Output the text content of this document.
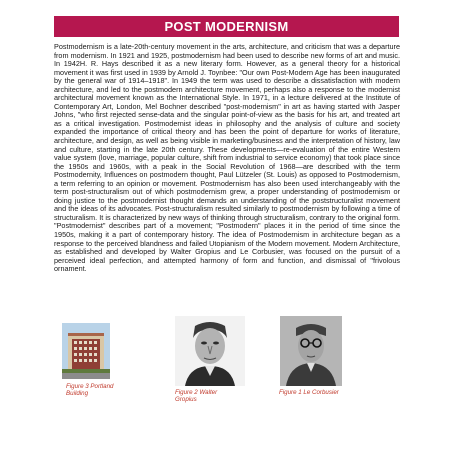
POST MODERNISM

Postmodernism is a late-20th-century movement in the arts, architecture, and criticism that was a departure from modernism. In 1921 and 1925, postmodernism had been used to describe new forms of art and music. In 1942H. R. Hays described it as a new literary form. However, as a general theory for a historical movement it was first used in 1939 by Arnold J. Toynbee: "Our own Post-Modern Age has been inaugurated by the general war of 1914–1918". In 1949 the term was used to describe a dissatisfaction with modern architecture, and led to the postmodern architecture movement, perhaps also a response to the modernist architectural movement known as the International Style. In 1971, in a lecture delivered at the Institute of Contemporary Art, London, Mel Bochner described "post-modernism" in art as having started with Jasper Johns, "who first rejected sense-data and the singular point-of-view as the basis for his art, and treated art as a critical investigation. Postmodernist ideas in philosophy and the analysis of culture and society expanded the importance of critical theory and has been the point of departure for works of literature, architecture, and design, as well as being visible in marketing/business and the interpretation of history, law and culture, starting in the late 20th century. These developments—re-evaluation of the entire Western value system (love, marriage, popular culture, shift from industrial to service economy) that took place since the 1950s and 1960s, with a peak in the Social Revolution of 1968—are described with the term Postmodernity, Influences on postmodern thought, Paul Lützeler (St. Louis) as opposed to Postmodernism, a term referring to an opinion or movement. Postmodernism has also been used interchangeably with the term post-structuralism out of which postmodernism grew, a proper understanding of postmodernism or doing justice to the postmodernist thought demands an understanding of the poststructuralist movement and the ideas of its advocates. Post-structuralism resulted similarly to postmodernism by following a time of structuralism. It is characterized by new ways of thinking through structuralism, contrary to the original form. "Postmodernist" describes part of a movement; "Postmodern" places it in the period of time since the 1950s, making it a part of contemporary history. The idea of Postmodernism in architecture began as a response to the perceived blandness and failed Utopianism of the Modern movement. Modern Architecture, as established and developed by Walter Gropius and Le Corbusier, was focused on the pursuit of a perceived ideal perfection, and attempted harmony of form and function, and dismissal of "frivolous ornament.

Figure 3 Portland Building	Figure 2 Walter Gropius

Figure 1 Le Corbusier
